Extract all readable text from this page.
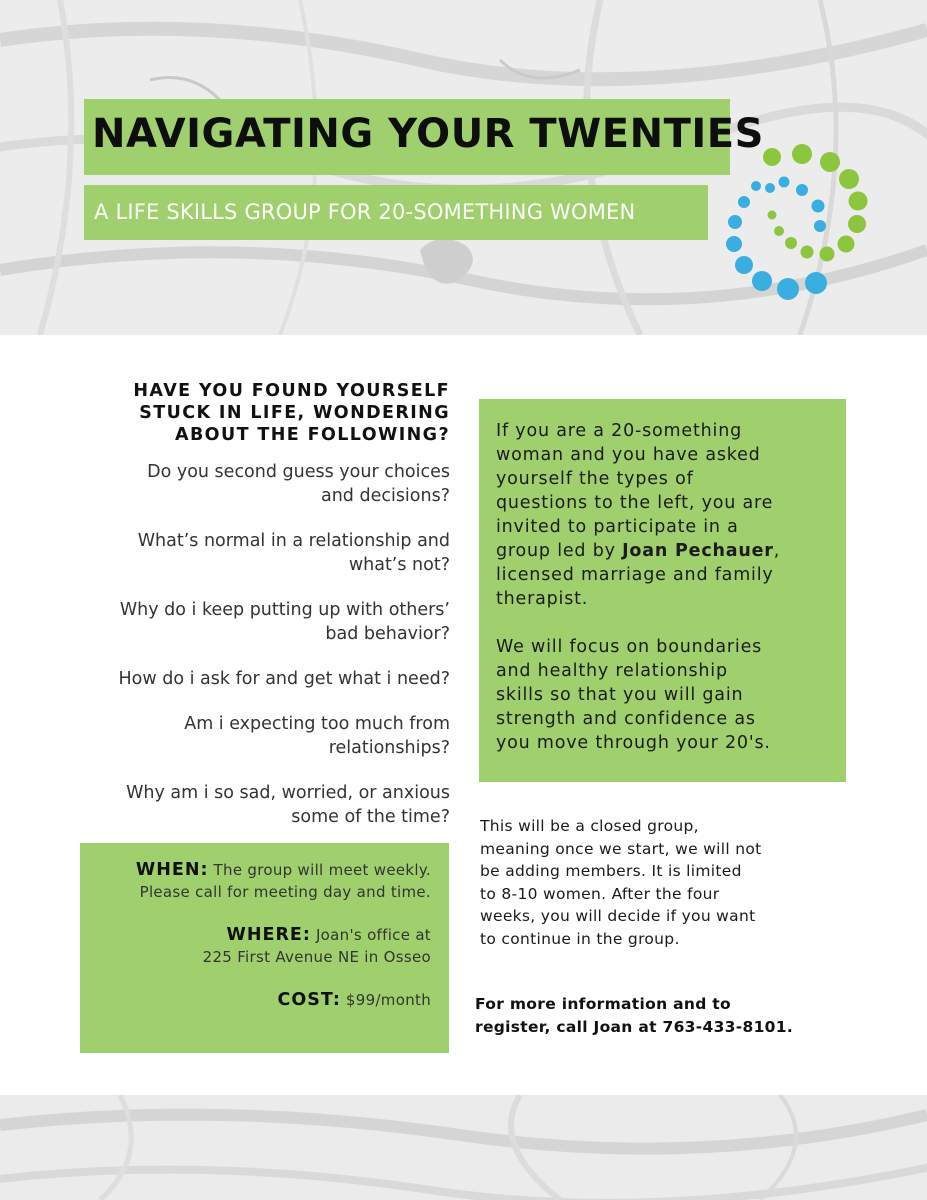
NAVIGATING YOUR TWENTIES
A LIFE SKILLS GROUP FOR 20-SOMETHING WOMEN
HAVE YOU FOUND YOURSELF
STUCK IN LIFE, WONDERING
ABOUT THE FOLLOWING?

Do you second guess your choices
and decisions?

What’s normal in a relationship and
what’s not?

Why do i keep putting up with others’
bad behavior?

How do i ask for and get what i need?

Am i expecting too much from
relationships?

Why am i so sad, worried, or anxious
some of the time?

If you are a 20-something
woman and you have asked
yourself the types of
questions to the left, you are
invited to participate in a
group led by Joan Pechauer,
licensed marriage and family
therapist.

We will focus on boundaries
and healthy relationship
skills so that you will gain
strength and confidence as
you move through your 20's.

WHEN: The group will meet weekly.
Please call for meeting day and time.

WHERE: Joan's office at
225 First Avenue NE in Osseo

COST: $99/month

This will be a closed group,
meaning once we start, we will not
be adding members. It is limited
to 8-10 women. After the four
weeks, you will decide if you want
to continue in the group.

For more information and to
register, call Joan at 763-433-8101.
